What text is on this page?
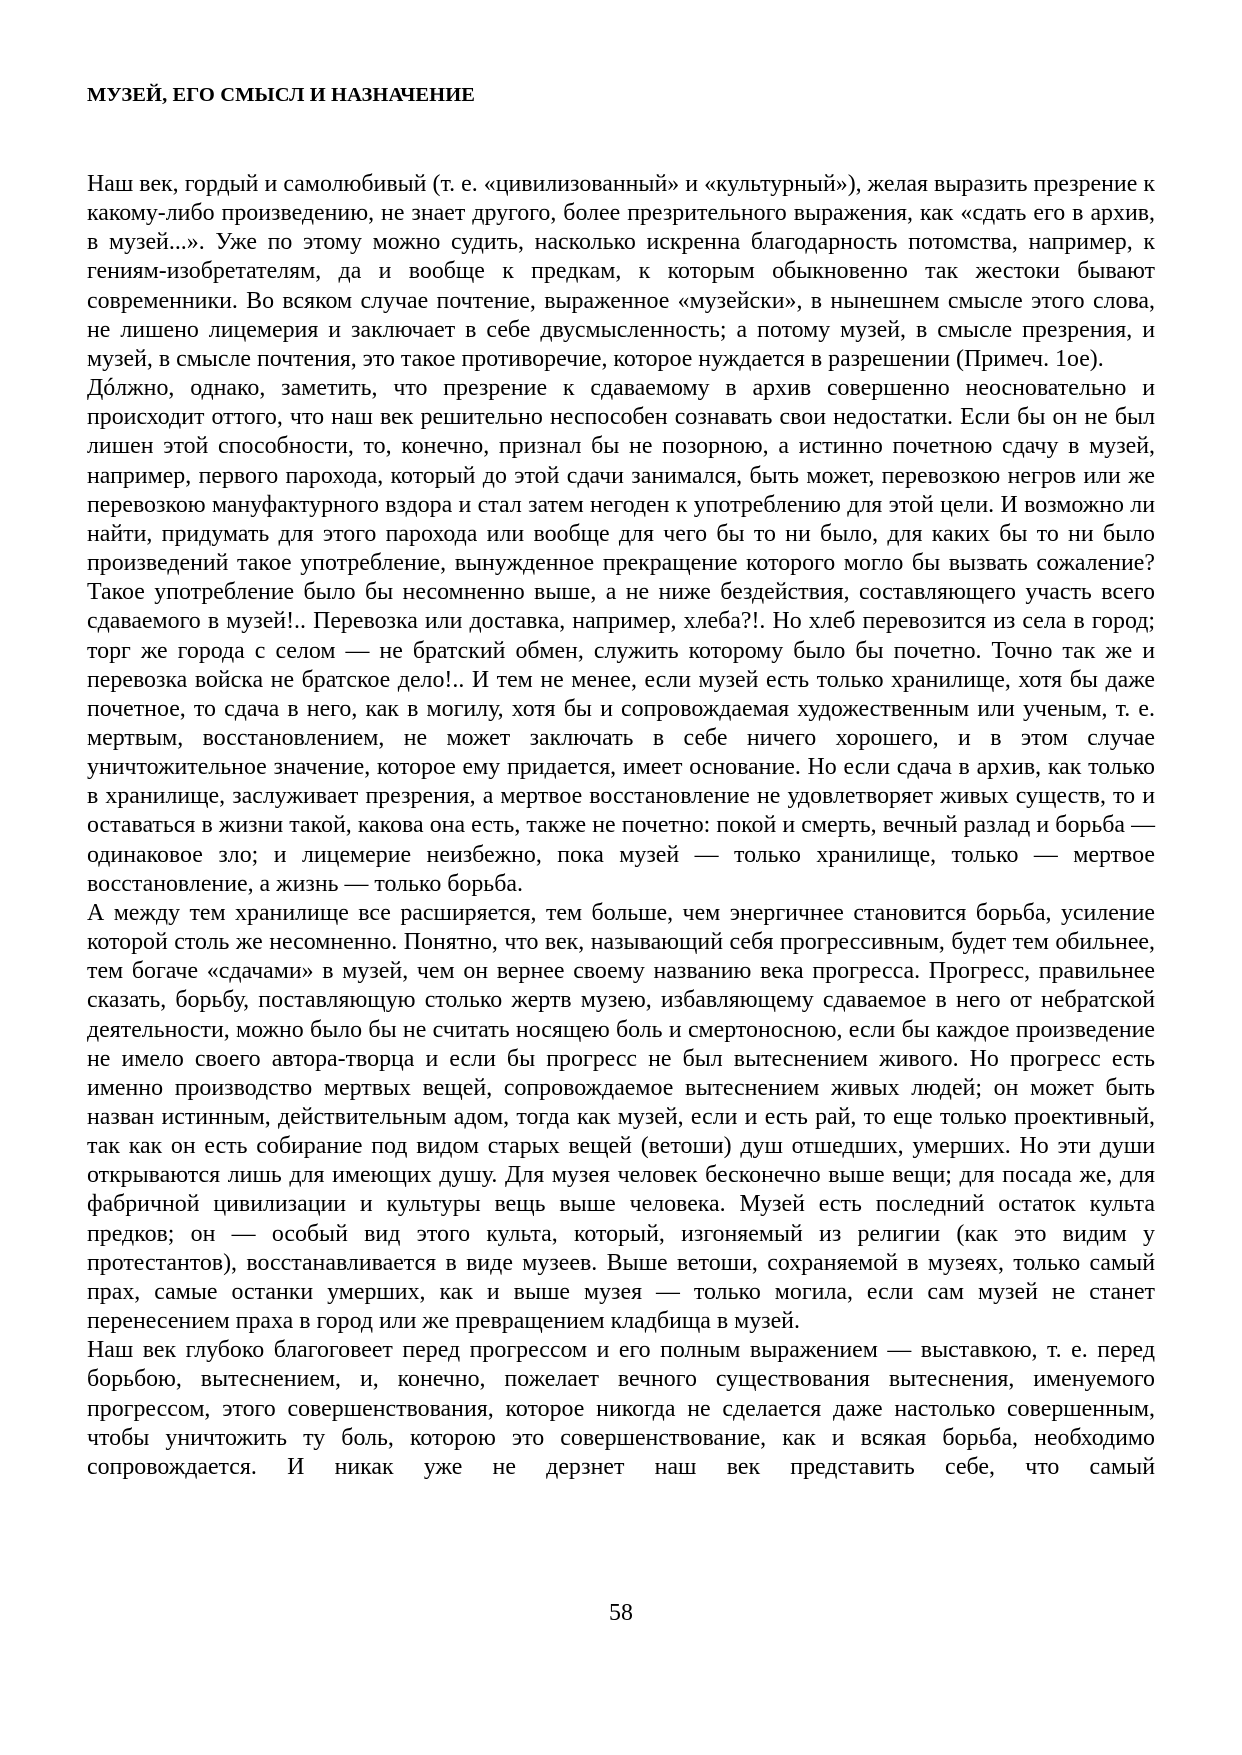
МУЗЕЙ, ЕГО СМЫСЛ И НАЗНАЧЕНИЕ

Наш век, гордый и самолюбивый (т. е. «цивилизованный» и «культурный»), желая выразить презрение к какому-либо произведению, не знает другого, более презрительного выражения, как «сдать его в архив, в музей...». Уже по этому можно судить, насколько искренна благодарность потомства, например, к гениям-изобретателям, да и вообще к предкам, к которым обыкновенно так жестоки бывают современники. Во всяком случае почтение, выраженное «музейски», в нынешнем смысле этого слова, не лишено лицемерия и заключает в себе двусмысленность; а потому музей, в смысле презрения, и музей, в смысле почтения, это такое противоречие, которое нуждается в разрешении (Примеч. 1ое).

Дóлжно, однако, заметить, что презрение к сдаваемому в архив совершенно неосновательно и происходит оттого, что наш век решительно неспособен сознавать свои недостатки. Если бы он не был лишен этой способности, то, конечно, признал бы не позорною, а истинно почетною сдачу в музей, например, первого парохода, который до этой сдачи занимался, быть может, перевозкою негров или же перевозкою мануфактурного вздора и стал затем негоден к употреблению для этой цели. И возможно ли найти, придумать для этого парохода или вообще для чего бы то ни было, для каких бы то ни было произведений такое употребление, вынужденное прекращение которого могло бы вызвать сожаление? Такое употребление было бы несомненно выше, а не ниже бездействия, составляющего участь всего сдаваемого в музей!.. Перевозка или доставка, например, хлеба?!. Но хлеб перевозится из села в город; торг же города с селом — не братский обмен, служить которому было бы почетно. Точно так же и перевозка войска не братское дело!.. И тем не менее, если музей есть только хранилище, хотя бы даже почетное, то сдача в него, как в могилу, хотя бы и сопровождаемая художественным или ученым, т. е. мертвым, восстановлением, не может заключать в себе ничего хорошего, и в этом случае уничтожительное значение, которое ему придается, имеет основание. Но если сдача в архив, как только в хранилище, заслуживает презрения, а мертвое восстановление не удовлетворяет живых существ, то и оставаться в жизни такой, какова она есть, также не почетно: покой и смерть, вечный разлад и борьба — одинаковое зло; и лицемерие неизбежно, пока музей — только хранилище, только — мертвое восстановление, а жизнь — только борьба.

А между тем хранилище все расширяется, тем больше, чем энергичнее становится борьба, усиление которой столь же несомненно. Понятно, что век, называющий себя прогрессивным, будет тем обильнее, тем богаче «сдачами» в музей, чем он вернее своему названию века прогресса. Прогресс, правильнее сказать, борьбу, поставляющую столько жертв музею, избавляющему сдаваемое в него от небратской деятельности, можно было бы не считать носящею боль и смертоносною, если бы каждое произведение не имело своего автора-творца и если бы прогресс не был вытеснением живого. Но прогресс есть именно производство мертвых вещей, сопровождаемое вытеснением живых людей; он может быть назван истинным, действительным адом, тогда как музей, если и есть рай, то еще только проективный, так как он есть собирание под видом старых вещей (ветоши) душ отшедших, умерших. Но эти души открываются лишь для имеющих душу. Для музея человек бесконечно выше вещи; для посада же, для фабричной цивилизации и культуры вещь выше человека. Музей есть последний остаток культа предков; он — особый вид этого культа, который, изгоняемый из религии (как это видим у протестантов), восстанавливается в виде музеев. Выше ветоши, сохраняемой в музеях, только самый прах, самые останки умерших, как и выше музея — только могила, если сам музей не станет перенесением праха в город или же превращением кладбища в музей.

Наш век глубоко благоговеет перед прогрессом и его полным выражением — выставкою, т. е. перед борьбою, вытеснением, и, конечно, пожелает вечного существования вытеснения, именуемого прогрессом, этого совершенствования, которое никогда не сделается даже настолько совершенным, чтобы уничтожить ту боль, которою это совершенствование, как и всякая борьба, необходимо сопровождается. И никак уже не дерзнет наш век представить себе, что самый

58
